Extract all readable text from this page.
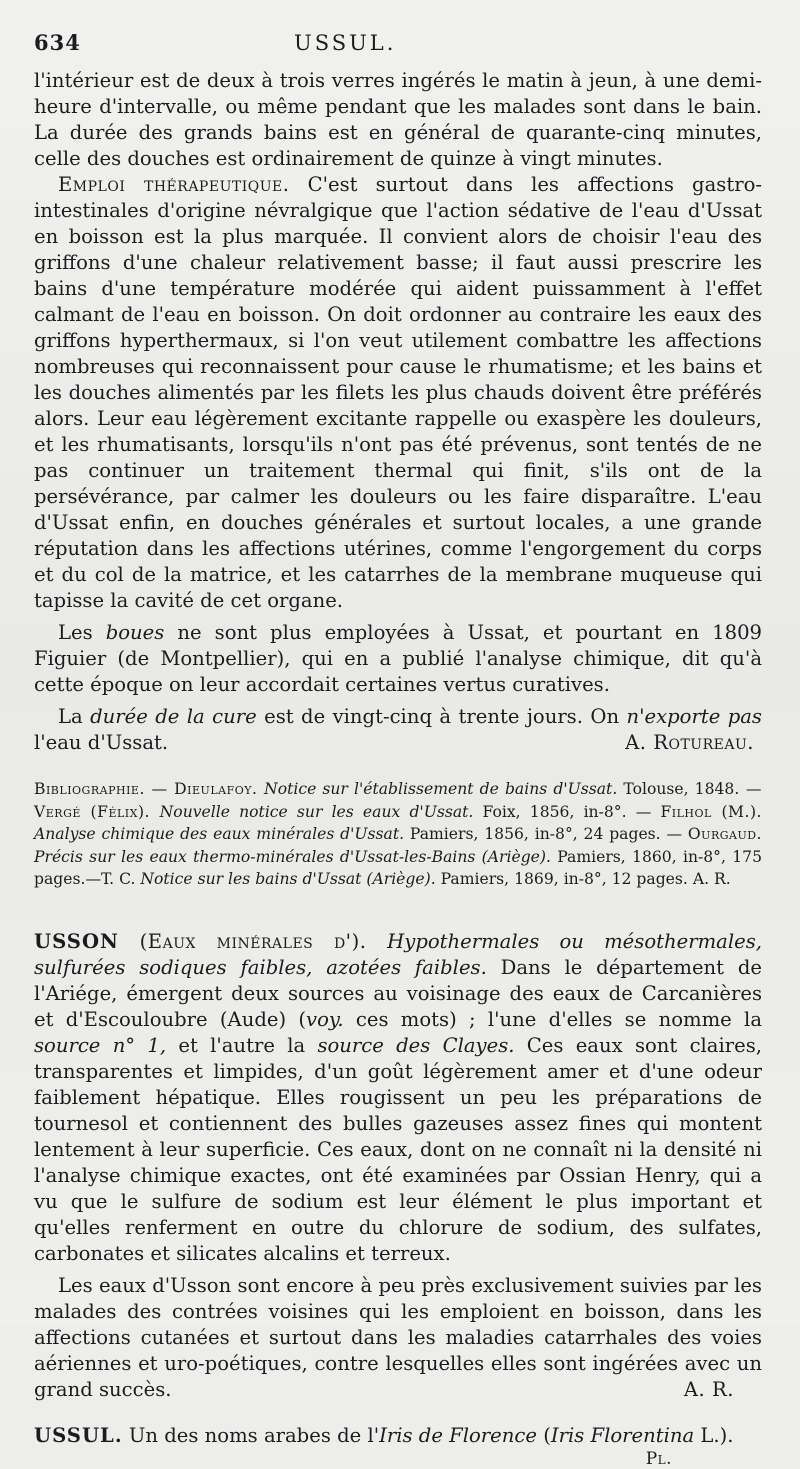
634	USSUL.

l'intérieur est de deux à trois verres ingérés le matin à jeun, à une demi-heure d'intervalle, ou même pendant que les malades sont dans le bain. La durée des grands bains est en général de quarante-cinq minutes, celle des douches est ordinairement de quinze à vingt minutes.

Emploi thérapeutique. C'est surtout dans les affections gastro-intestinales d'origine névralgique que l'action sédative de l'eau d'Ussat en boisson est la plus marquée. Il convient alors de choisir l'eau des griffons d'une chaleur relativement basse; il faut aussi prescrire les bains d'une température modérée qui aident puissamment à l'effet calmant de l'eau en boisson. On doit ordonner au contraire les eaux des griffons hyperthermaux, si l'on veut utilement combattre les affections nombreuses qui reconnaissent pour cause le rhumatisme; et les bains et les douches alimentés par les filets les plus chauds doivent être préférés alors. Leur eau légèrement excitante rappelle ou exaspère les douleurs, et les rhumatisants, lorsqu'ils n'ont pas été prévenus, sont tentés de ne pas continuer un traitement thermal qui finit, s'ils ont de la persévérance, par calmer les douleurs ou les faire disparaître. L'eau d'Ussat enfin, en douches générales et surtout locales, a une grande réputation dans les affections utérines, comme l'engorgement du corps et du col de la matrice, et les catarrhes de la membrane muqueuse qui tapisse la cavité de cet organe.

Les boues ne sont plus employées à Ussat, et pourtant en 1809 Figuier (de Montpellier), qui en a publié l'analyse chimique, dit qu'à cette époque on leur accordait certaines vertus curatives.

La durée de la cure est de vingt-cinq à trente jours. On n'exporte pas l'eau d'Ussat.	A. Rotureau.

Bibliographie. — Dieulafoy. Notice sur l'établissement de bains d'Ussat. Tolouse, 1848. —Vergé (Félix). Nouvelle notice sur les eaux d'Ussat. Foix, 1856, in-8°. — Filhol (M.). Analyse chimique des eaux minérales d'Ussat. Pamiers, 1856, in-8°, 24 pages. — Ourgaud. Précis sur les eaux thermo-minérales d'Ussat-les-Bains (Ariège). Pamiers, 1860, in-8°, 175 pages.—T. C. Notice sur les bains d'Ussat (Ariège). Pamiers, 1869, in-8°, 12 pages. A. R.

USSON (Eaux minérales d'). Hypothermales ou mésothermales, sulfurées sodiques faibles, azotées faibles. Dans le département de l'Ariége, émergent deux sources au voisinage des eaux de Carcanières et d'Escouloubre (Aude) (voy. ces mots) ; l'une d'elles se nomme la source n° 1, et l'autre la source des Clayes. Ces eaux sont claires, transparentes et limpides, d'un goût légèrement amer et d'une odeur faiblement hépatique. Elles rougissent un peu les préparations de tournesol et contiennent des bulles gazeuses assez fines qui montent lentement à leur superficie. Ces eaux, dont on ne connaît ni la densité ni l'analyse chimique exactes, ont été examinées par Ossian Henry, qui a vu que le sulfure de sodium est leur élément le plus important et qu'elles renferment en outre du chlorure de sodium, des sulfates, carbonates et silicates alcalins et terreux.

Les eaux d'Usson sont encore à peu près exclusivement suivies par les malades des contrées voisines qui les emploient en boisson, dans les affections cutanées et surtout dans les maladies catarrhales des voies aériennes et uro-poétiques, contre lesquelles elles sont ingérées avec un grand succès.	A. R.

USSUL. Un des noms arabes de l'Iris de Florence (Iris Florentina L.).

Pl.
